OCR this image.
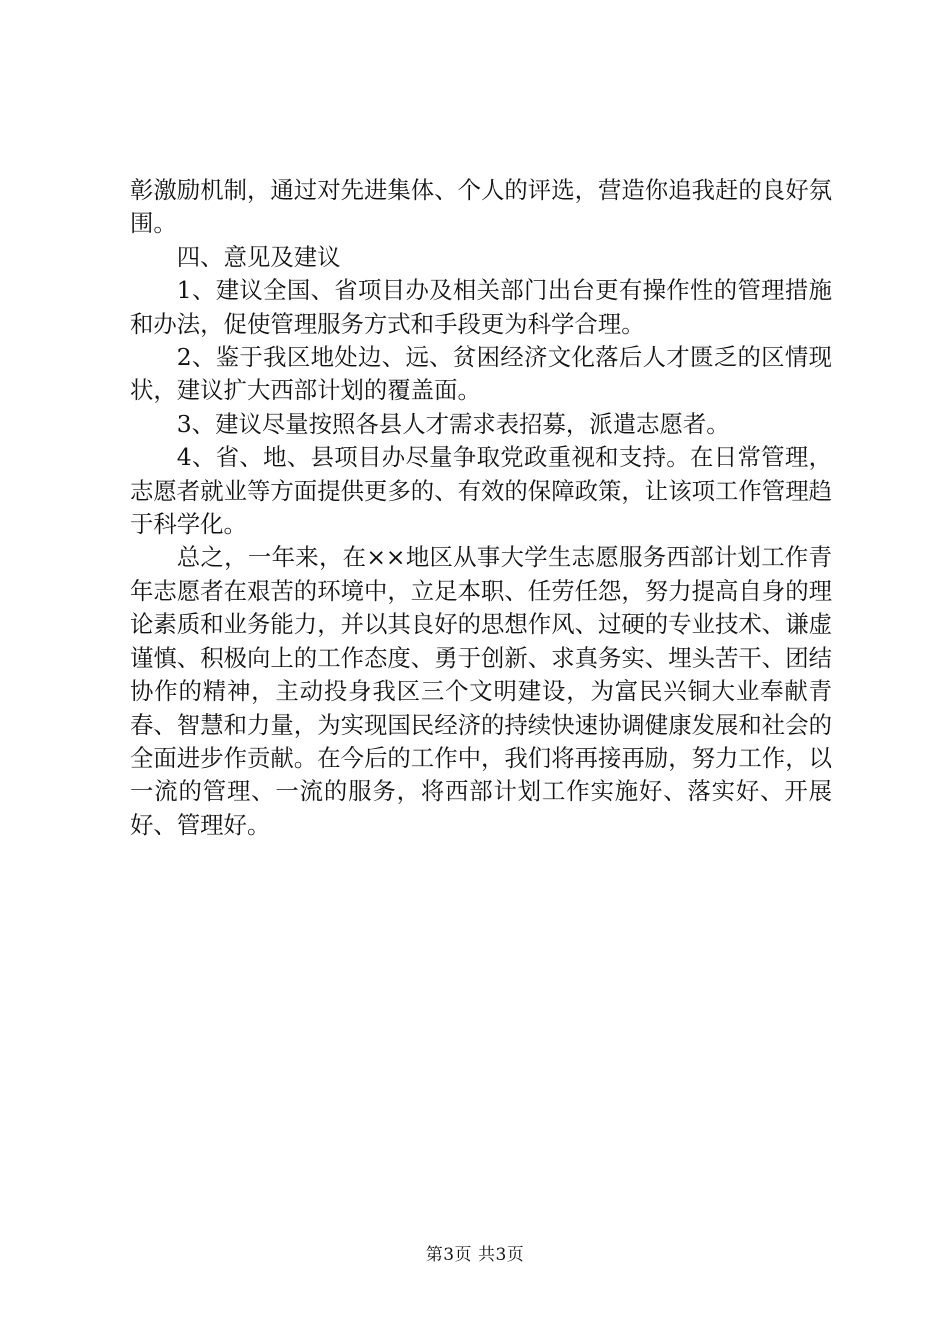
彰激励机制，通过对先进集体、个人的评选，营造你追我赶的良好氛围。

四、意见及建议

1、建议全国、省项目办及相关部门出台更有操作性的管理措施和办法，促使管理服务方式和手段更为科学合理。

2、鉴于我区地处边、远、贫困经济文化落后人才匮乏的区情现状，建议扩大西部计划的覆盖面。

3、建议尽量按照各县人才需求表招募，派遣志愿者。

4、省、地、县项目办尽量争取党政重视和支持。在日常管理，志愿者就业等方面提供更多的、有效的保障政策，让该项工作管理趋于科学化。

总之，一年来，在××地区从事大学生志愿服务西部计划工作青年志愿者在艰苦的环境中，立足本职、任劳任怨，努力提高自身的理论素质和业务能力，并以其良好的思想作风、过硬的专业技术、谦虚谨慎、积极向上的工作态度、勇于创新、求真务实、埋头苦干、团结协作的精神，主动投身我区三个文明建设，为富民兴铜大业奉献青春、智慧和力量，为实现国民经济的持续快速协调健康发展和社会的全面进步作贡献。在今后的工作中，我们将再接再励，努力工作，以一流的管理、一流的服务，将西部计划工作实施好、落实好、开展好、管理好。

第3页 共3页
